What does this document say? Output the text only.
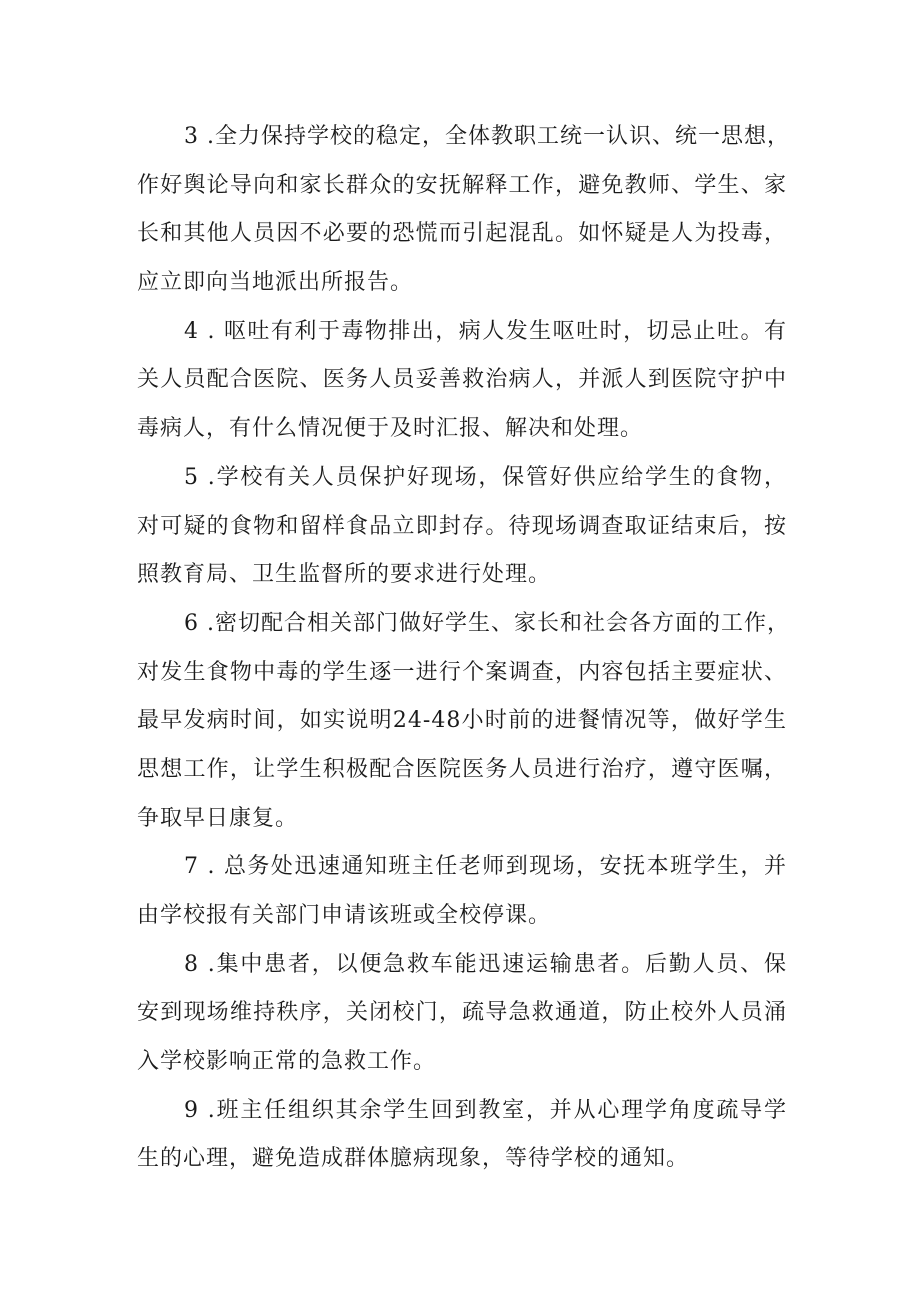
3 .全力保持学校的稳定，全体教职工统一认识、统一思想，
作好舆论导向和家长群众的安抚解释工作，避免教师、学生、家
长和其他人员因不必要的恐慌而引起混乱。如怀疑是人为投毒，
应立即向当地派出所报告。
4 . 呕吐有利于毒物排出，病人发生呕吐时，切忌止吐。有
关人员配合医院、医务人员妥善救治病人，并派人到医院守护中
毒病人，有什么情况便于及时汇报、解决和处理。
5 .学校有关人员保护好现场，保管好供应给学生的食物，
对可疑的食物和留样食品立即封存。待现场调查取证结束后，按
照教育局、卫生监督所的要求进行处理。
6 .密切配合相关部门做好学生、家长和社会各方面的工作，
对发生食物中毒的学生逐一进行个案调查，内容包括主要症状、
最早发病时间，如实说明24-48小时前的进餐情况等，做好学生
思想工作，让学生积极配合医院医务人员进行治疗，遵守医嘱，
争取早日康复。
7 . 总务处迅速通知班主任老师到现场，安抚本班学生，并
由学校报有关部门申请该班或全校停课。
8 .集中患者，以便急救车能迅速运输患者。后勤人员、保
安到现场维持秩序，关闭校门，疏导急救通道，防止校外人员涌
入学校影响正常的急救工作。
9 .班主任组织其余学生回到教室，并从心理学角度疏导学
生的心理，避免造成群体臆病现象，等待学校的通知。
